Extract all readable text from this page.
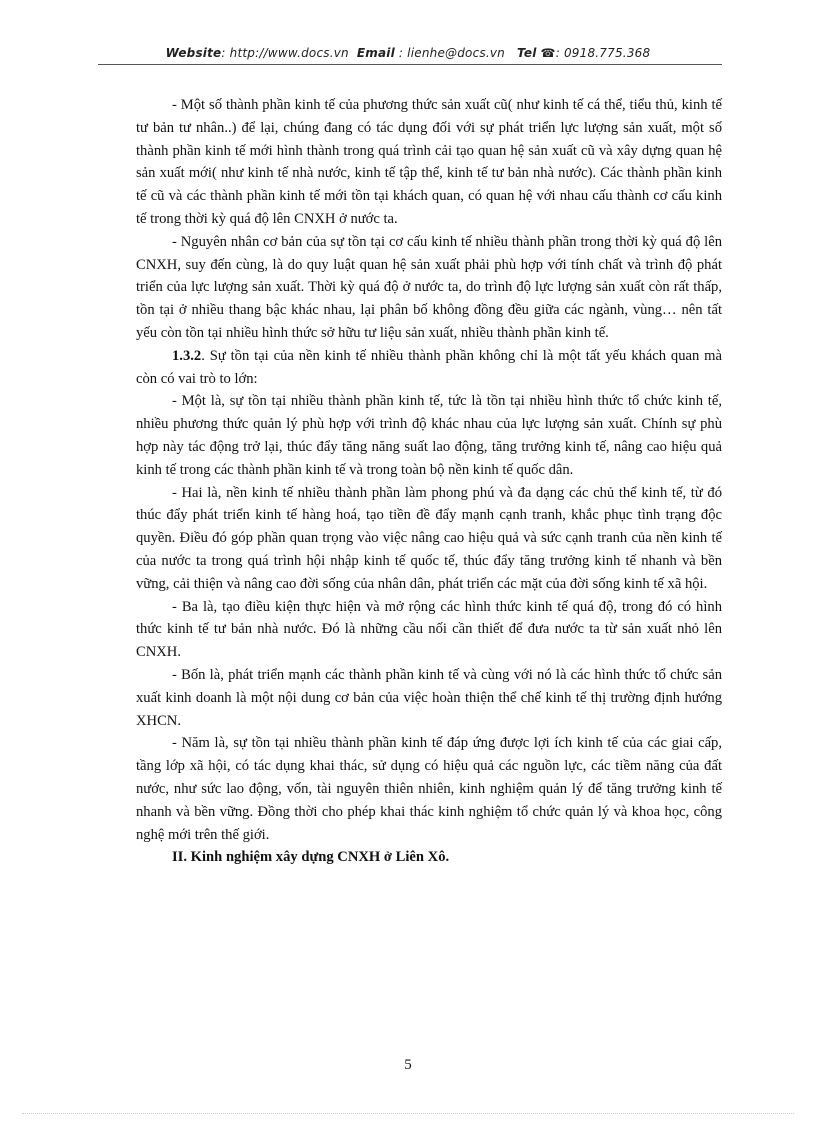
Website: http://www.docs.vn Email : lienhe@docs.vn Tel ☎: 0918.775.368

- Một số thành phần kinh tế của phương thức sản xuất cũ( như kinh tế cá thể, tiểu thủ, kinh tế tư bản tư nhân..) để lại, chúng đang có tác dụng đối với sự phát triển lực lượng sản xuất, một số thành phần kinh tế mới hình thành trong quá trình cải tạo quan hệ sản xuất cũ và xây dựng quan hệ sản xuất mới( như kinh tế nhà nước, kinh tế tập thể, kinh tế tư bản nhà nước). Các thành phần kinh tế cũ và các thành phần kinh tế mới tồn tại khách quan, có quan hệ với nhau cấu thành cơ cấu kinh tế trong thời kỳ quá độ lên CNXH ở nước ta.

- Nguyên nhân cơ bản của sự tồn tại cơ cấu kinh tế nhiều thành phần trong thời kỳ quá độ lên CNXH, suy đến cùng, là do quy luật quan hệ sản xuất phải phù hợp với tính chất và trình độ phát triển của lực lượng sản xuất. Thời kỳ quá độ ở nước ta, do trình độ lực lượng sản xuất còn rất thấp, tồn tại ở nhiều thang bậc khác nhau, lại phân bố không đồng đều giữa các ngành, vùng… nên tất yếu còn tồn tại nhiều hình thức sở hữu tư liệu sản xuất, nhiều thành phần kinh tế.

1.3.2. Sự tồn tại của nền kinh tế nhiều thành phần không chỉ là một tất yếu khách quan mà còn có vai trò to lớn:

- Một là, sự tồn tại nhiều thành phần kinh tế, tức là tồn tại nhiều hình thức tổ chức kinh tế, nhiều phương thức quản lý phù hợp với trình độ khác nhau của lực lượng sản xuất. Chính sự phù hợp này tác động trở lại, thúc đẩy tăng năng suất lao động, tăng trưởng kinh tế, nâng cao hiệu quả kinh tế trong các thành phần kinh tế và trong toàn bộ nền kinh tế quốc dân.

- Hai là, nền kinh tế nhiều thành phần làm phong phú và đa dạng các chủ thể kinh tế, từ đó thúc đẩy phát triển kinh tế hàng hoá, tạo tiền đề đẩy mạnh cạnh tranh, khắc phục tình trạng độc quyền. Điều đó góp phần quan trọng vào việc nâng cao hiệu quả và sức cạnh tranh của nền kinh tế của nước ta trong quá trình hội nhập kinh tế quốc tế, thúc đẩy tăng trưởng kinh tế nhanh và bền vững, cải thiện và nâng cao đời sống của nhân dân, phát triển các mặt của đời sống kinh tế xã hội.

- Ba là, tạo điều kiện thực hiện và mở rộng các hình thức kinh tế quá độ, trong đó có hình thức kinh tế tư bản nhà nước. Đó là những cầu nối cần thiết để đưa nước ta từ sản xuất nhỏ lên CNXH.

- Bốn là, phát triển mạnh các thành phần kinh tế và cùng với nó là các hình thức tổ chức sản xuất kinh doanh là một nội dung cơ bản của việc hoàn thiện thể chế kinh tế thị trường định hướng XHCN.

- Năm là, sự tồn tại nhiều thành phần kinh tế đáp ứng được lợi ích kinh tế của các giai cấp, tầng lớp xã hội, có tác dụng khai thác, sử dụng có hiệu quả các nguồn lực, các tiềm năng của đất nước, như sức lao động, vốn, tài nguyên thiên nhiên, kinh nghiệm quản lý để tăng trưởng kinh tế nhanh và bền vững. Đồng thời cho phép khai thác kinh nghiệm tổ chức quản lý và khoa học, công nghệ mới trên thế giới.

II. Kinh nghiệm xây dựng CNXH ở Liên Xô.

5
